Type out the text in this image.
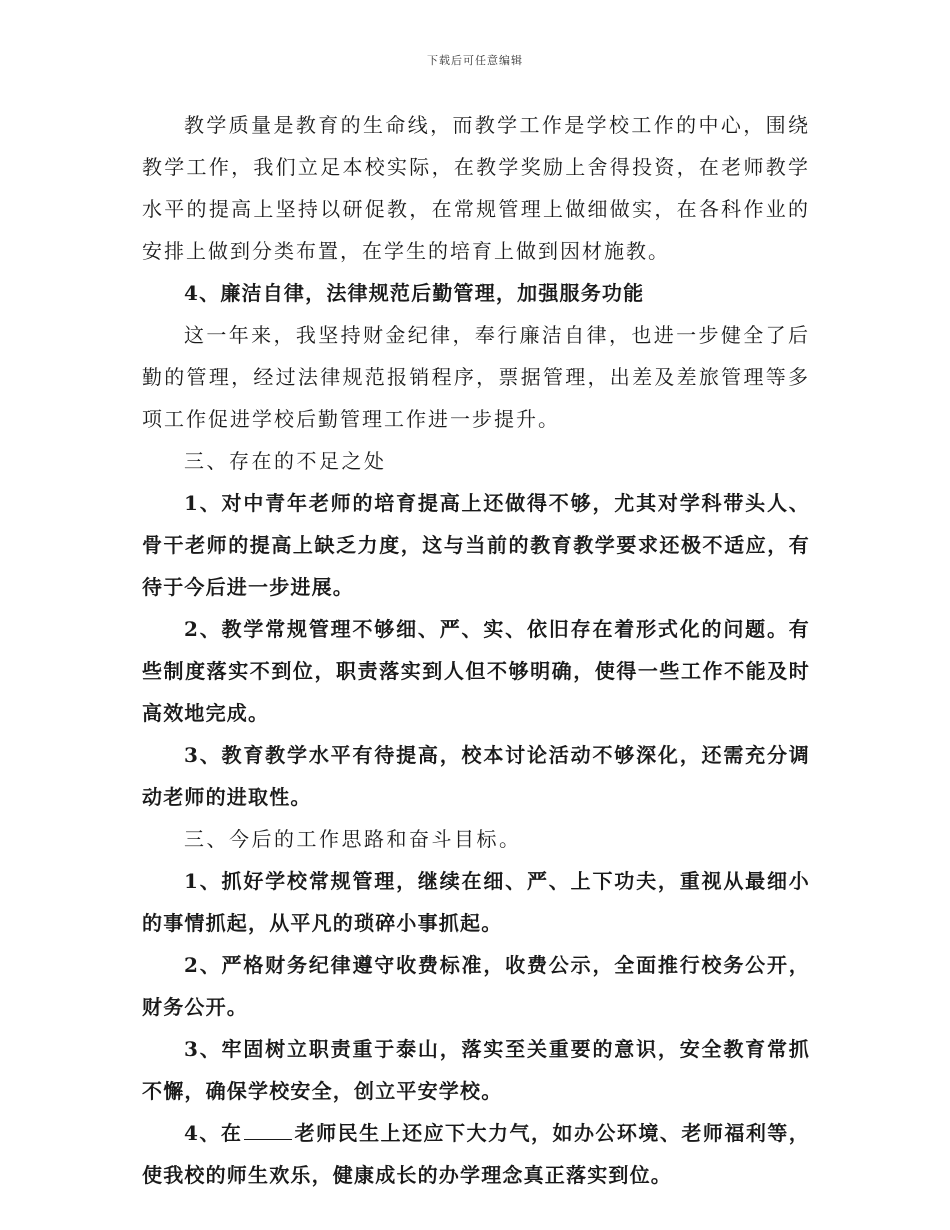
下载后可任意编辑

教学质量是教育的生命线，而教学工作是学校工作的中心，围绕教学工作，我们立足本校实际，在教学奖励上舍得投资，在老师教学水平的提高上坚持以研促教，在常规管理上做细做实，在各科作业的安排上做到分类布置，在学生的培育上做到因材施教。

4、廉洁自律，法律规范后勤管理，加强服务功能

这一年来，我坚持财金纪律，奉行廉洁自律，也进一步健全了后勤的管理，经过法律规范报销程序，票据管理，出差及差旅管理等多项工作促进学校后勤管理工作进一步提升。

三、存在的不足之处

1、对中青年老师的培育提高上还做得不够，尤其对学科带头人、骨干老师的提高上缺乏力度，这与当前的教育教学要求还极不适应，有待于今后进一步进展。

2、教学常规管理不够细、严、实、依旧存在着形式化的问题。有些制度落实不到位，职责落实到人但不够明确，使得一些工作不能及时高效地完成。

3、教育教学水平有待提高，校本讨论活动不够深化，还需充分调动老师的进取性。

三、今后的工作思路和奋斗目标。

1、抓好学校常规管理，继续在细、严、上下功夫，重视从最细小的事情抓起，从平凡的琐碎小事抓起。

2、严格财务纪律遵守收费标准，收费公示，全面推行校务公开，财务公开。

3、牢固树立职责重于泰山，落实至关重要的意识，安全教育常抓不懈，确保学校安全，创立平安学校。

4、在	老师民生上还应下大力气，如办公环境、老师福利等，使我校的师生欢乐，健康成长的办学理念真正落实到位。
